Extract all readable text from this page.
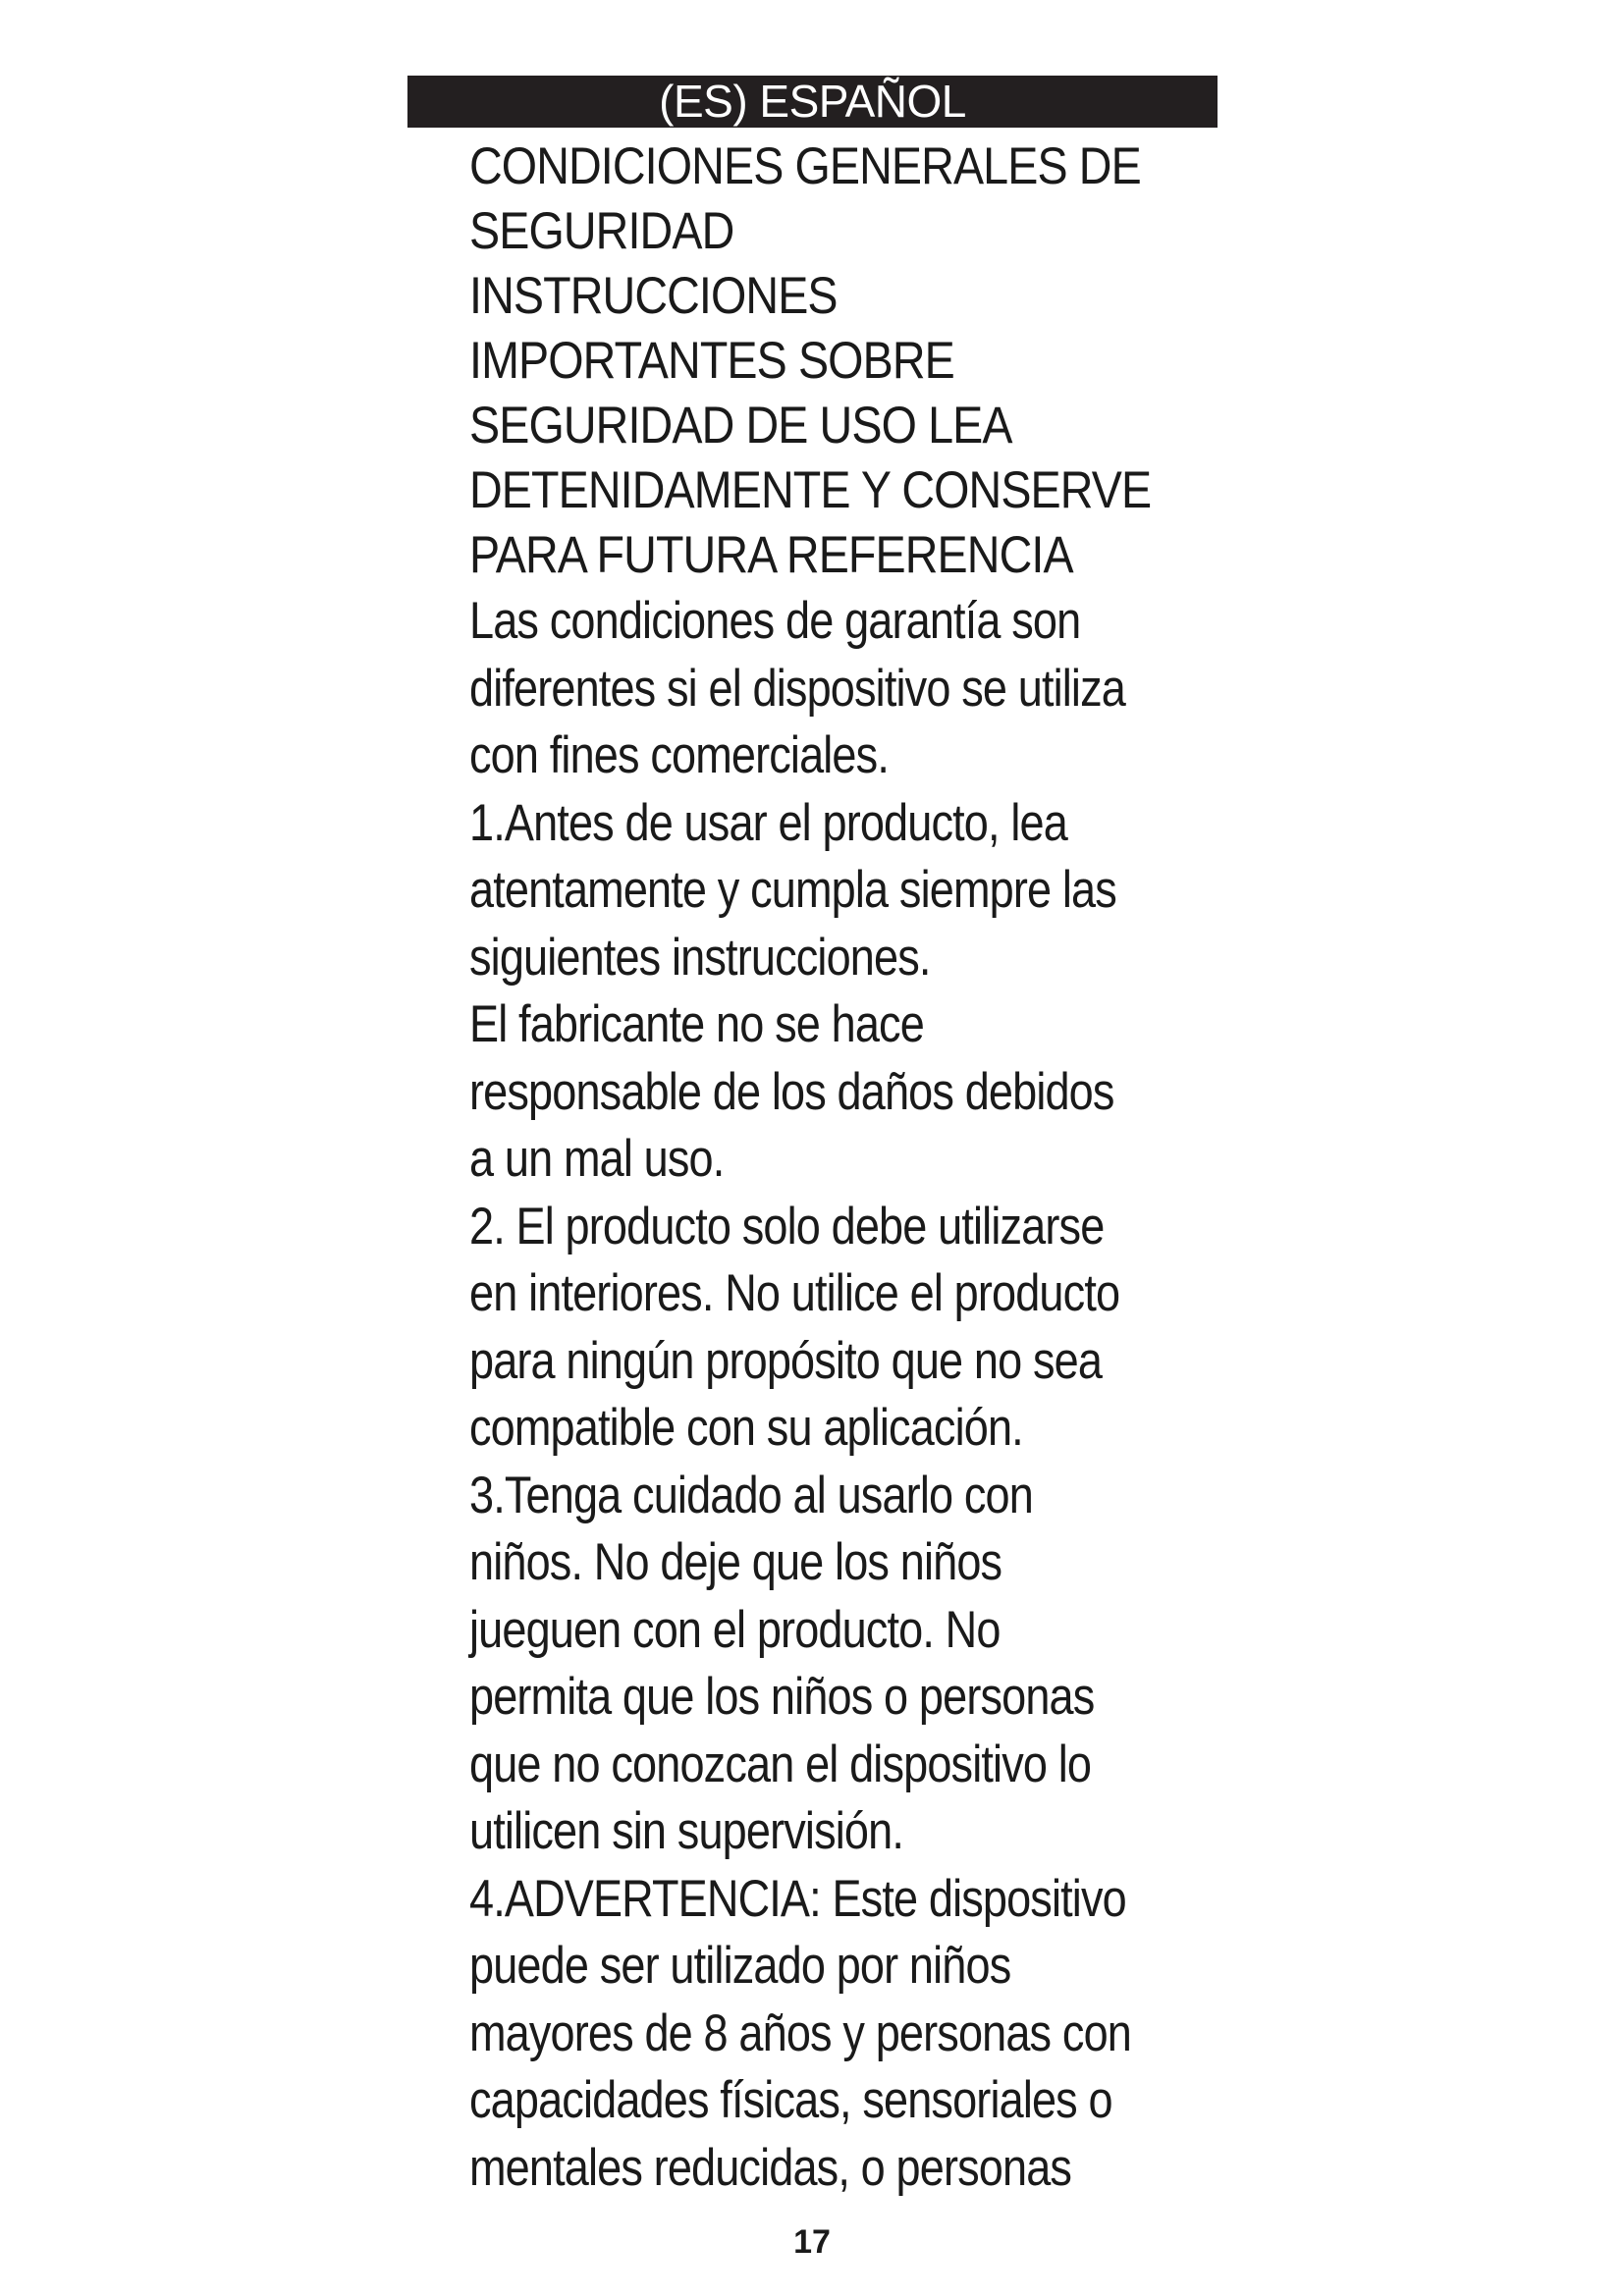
(ES) ESPAÑOL
CONDICIONES GENERALES DE
SEGURIDAD
INSTRUCCIONES
IMPORTANTES SOBRE
SEGURIDAD DE USO LEA
DETENIDAMENTE Y CONSERVE
PARA FUTURA REFERENCIA
Las condiciones de garantía son
diferentes si el dispositivo se utiliza
con fines comerciales.
1.Antes de usar el producto, lea
atentamente y cumpla siempre las
siguientes instrucciones.
El fabricante no se hace
responsable de los daños debidos
a un mal uso.
2. El producto solo debe utilizarse
en interiores. No utilice el producto
para ningún propósito que no sea
compatible con su aplicación.
3.Tenga cuidado al usarlo con
niños. No deje que los niños
jueguen con el producto. No
permita que los niños o personas
que no conozcan el dispositivo lo
utilicen sin supervisión.
4.ADVERTENCIA: Este dispositivo
puede ser utilizado por niños
mayores de 8 años y personas con
capacidades físicas, sensoriales o
mentales reducidas, o personas
17
